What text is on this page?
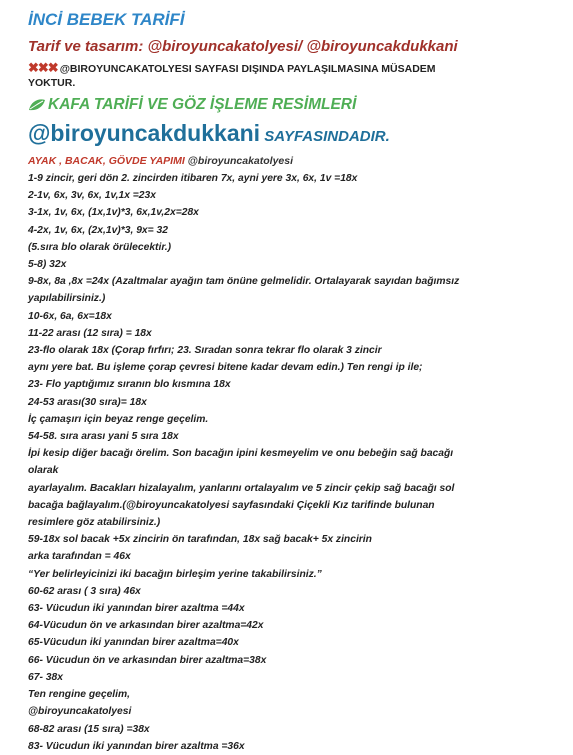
İNCİ BEBEK TARİFİ
Tarif ve tasarım: @biroyuncakatolyesi/ @biroyuncakdukkani
✖✖✖ @BIROYUNCAKATOLYESI SAYFASI DIŞINDA PAYLAŞILMASINA MÜSADEM
YOKTUR.
KAFA TARİFİ VE GÖZ İŞLEME RESİMLERİ
@biroyuncakdukkani SAYFASINDADIR.
AYAK , BACAK, GÖVDE YAPIMI @biroyuncakatolyesi
1-9 zincir, geri dön 2. zincirden itibaren 7x, ayni yere 3x, 6x, 1v =18x
2-1v, 6x, 3v, 6x, 1v,1x =23x
3-1x, 1v, 6x, (1x,1v)*3, 6x,1v,2x=28x
4-2x, 1v, 6x, (2x,1v)*3, 9x= 32
(5.sıra blo olarak örülecektir.)
5-8) 32x
9-8x, 8a ,8x =24x (Azaltmalar ayağın tam önüne gelmelidir. Ortalayarak sayıdan bağımsız
yapılabilirsiniz.)
10-6x, 6a, 6x=18x
11-22 arası (12 sıra) = 18x
23-flo olarak 18x (Çorap fırfırı; 23. Sıradan sonra tekrar flo olarak 3 zincir
aynı yere bat. Bu işleme çorap çevresi bitene kadar devam edin.) Ten rengi ip ile;
23- Flo yaptığımız sıranın blo kısmına 18x
24-53 arası(30 sıra)= 18x
İç çamaşırı için beyaz renge geçelim.
54-58. sıra arası yani 5 sıra 18x
İpi kesip diğer bacağı örelim. Son bacağın ipini kesmeyelim ve onu bebeğin sağ bacağı
olarak
ayarlayalım. Bacakları hizalayalım, yanlarını ortalayalım ve 5 zincir çekip sağ bacağı sol
bacağa bağlayalım.(@biroyuncakatolyesi sayfasındaki Çiçekli Kız tarifinde bulunan
resimlere göz atabilirsiniz.)
59-18x sol bacak +5x zincirin ön tarafından, 18x sağ bacak+ 5x zincirin
arka tarafından = 46x
“Yer belirleyicinizi iki bacağın birleşim yerine takabilirsiniz.”
60-62 arası ( 3 sıra) 46x
63- Vücudun iki yanından birer azaltma =44x
64-Vücudun ön ve arkasından birer azaltma=42x
65-Vücudun iki yanından birer azaltma=40x
66- Vücudun ön ve arkasından birer azaltma=38x
67- 38x
Ten rengine geçelim,
@biroyuncakatolyesi
68-82 arası (15 sıra) =38x
83- Vücudun iki yanından birer azaltma =36x
